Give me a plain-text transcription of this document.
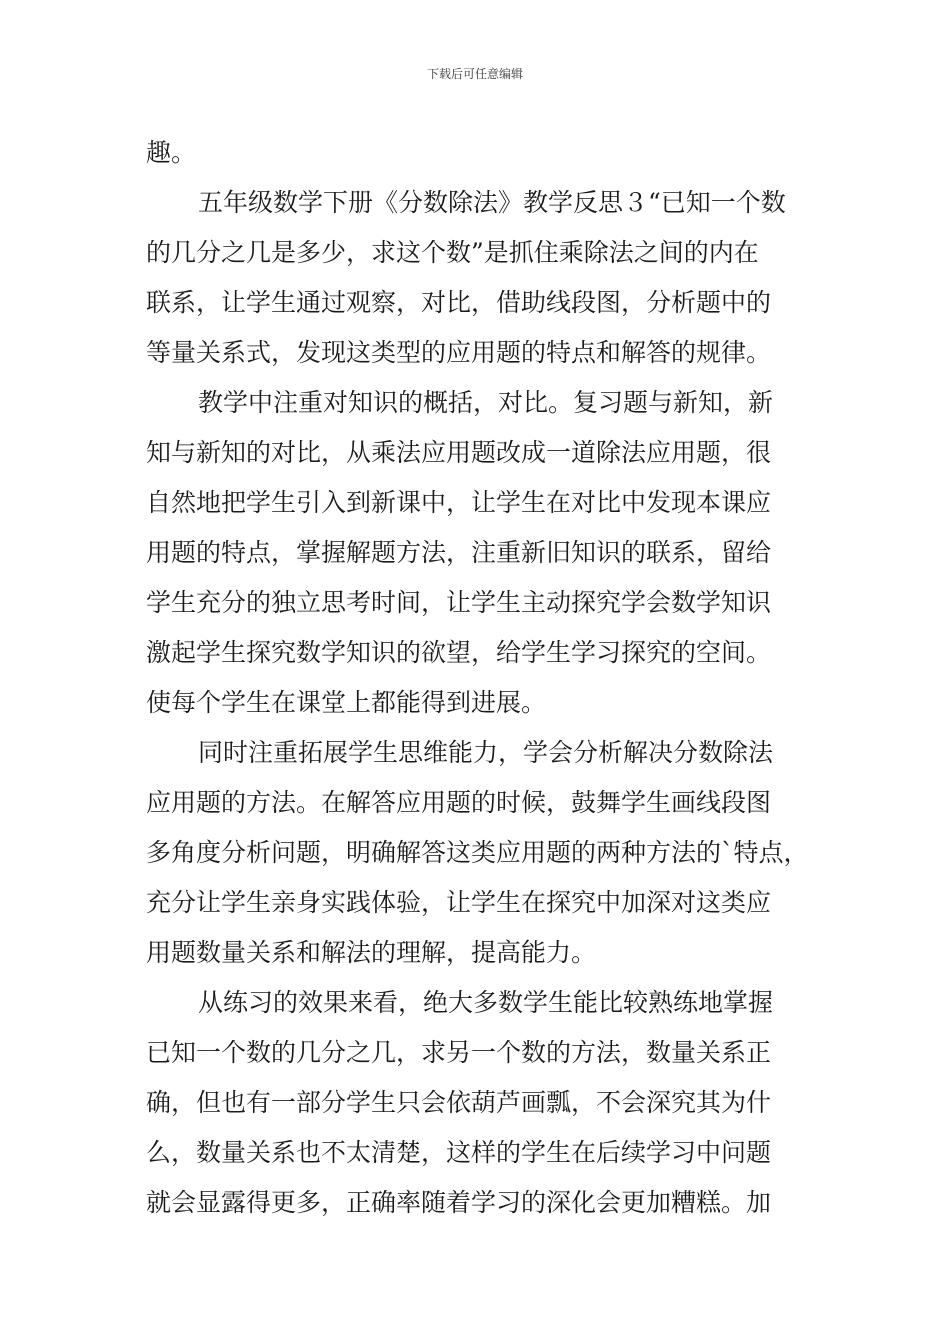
下载后可任意编辑
趣。
五年级数学下册《分数除法》教学反思３“已知一个数
的几分之几是多少，求这个数”是抓住乘除法之间的内在
联系，让学生通过观察，对比，借助线段图，分析题中的
等量关系式，发现这类型的应用题的特点和解答的规律。
教学中注重对知识的概括，对比。复习题与新知，新
知与新知的对比，从乘法应用题改成一道除法应用题，很
自然地把学生引入到新课中，让学生在对比中发现本课应
用题的特点，掌握解题方法，注重新旧知识的联系，留给
学生充分的独立思考时间，让学生主动探究学会数学知识
激起学生探究数学知识的欲望，给学生学习探究的空间。
使每个学生在课堂上都能得到进展。
同时注重拓展学生思维能力，学会分析解决分数除法
应用题的方法。在解答应用题的时候，鼓舞学生画线段图
多角度分析问题，明确解答这类应用题的两种方法的`特点，
充分让学生亲身实践体验，让学生在探究中加深对这类应
用题数量关系和解法的理解，提高能力。
从练习的效果来看，绝大多数学生能比较熟练地掌握
已知一个数的几分之几，求另一个数的方法，数量关系正
确，但也有一部分学生只会依葫芦画瓢，不会深究其为什
么，数量关系也不太清楚，这样的学生在后续学习中问题
就会显露得更多，正确率随着学习的深化会更加糟糕。加
